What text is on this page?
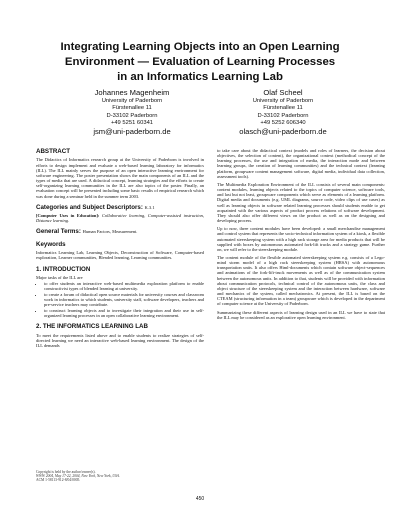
Integrating Learning Objects into an Open Learning
Environment — Evaluation of Learning Processes
in an Informatics Learning Lab
Johannes Magenheim
University of Paderborn
Fürstenallee 11
D-33102 Paderborn
+49 5251 60341
jsm@uni-paderborn.de
Olaf Scheel
University of Paderborn
Fürstenallee 11
D-33102 Paderborn
+49 5252 606340
olasch@uni-paderborn.de
ABSTRACT

The Didactics of Informatics research group at the University of Paderborn is involved in efforts to design implement and evaluate a web-based learning laboratory for informatics (ILL). The ILL mainly serves the purpose of an open interactive learning environment for software engineering. The poster presentation shows the main components of an ILL and the types of media that are used. A didactical concept, learning strategies and the efforts to create self-organizing learning communities in the ILL are also topics of the poster. Finally, an evaluation concept will be presented including some basic results of empirical research which was done during a seminar held in the summer term 2003.

Categories and Subject Descriptors: K.3.1

[Computer Uses in Education]: Collaborative learning, Computer-assisted instruction, Distance learning.

General Terms: Human Factors, Measurement.
Keywords

Informatics Learning Lab, Learning Objects, Deconstruction of Software, Computer-based exploration, Learner communities, Blended learning, Learning communities.

1. INTRODUCTION

Major tasks of the ILL are

• to offer students an interactive web-based multimedia exploration platform to enable constructivist types of blended learning at university.
• to create a forum of didactical open source materials for university courses and classroom work in informatics to which students, university staff, software developers, teachers and pre-service teachers may contribute.
• to construct learning objects and to investigate their integration and their use in self-organized learning processes in an open collaborative learning environment.
2. THE INFORMATICS LEARNING LAB

To meet the requirements listed above and to enable students to realize strategies of self-directed learning we need an interactive web-based learning environment. The design of the ILL demands

Copyright is held by the author/owner(s).
WWW 2004, May 17-22, 2004, New York, New York, USA.
ACM 1-58113-912-8/04/0005.

to take care about the didactical context (models and roles of learners, the decision about objectives, the selection of content), the organizational context (methodical concept of the learning processes, the use and integration of media, the interaction mode and between learning groups, the creation of learning communities) and the technical context (learning platform, groupware content management software, digital media, individual data collection, assessment tools).

The Multimedia Exploration Environment of the ILL consists of several main components: content modules, learning objects related to the topics of computer science, software tools, and last but not least, groupware components which serve as elements of a learning platform. Digital media and documents (e.g. UML diagrams, source code, video clips of use cases) as well as learning objects in software related learning processes should students enable to get acquainted with the various aspects of product process relations of software development. They should also offer different views on the product as well as on the designing and developing process.

Up to now, three content modules have been developed: a small merchandise management and control system that represents the socio-technical information system of a kiosk, a flexible automated steerskeeping system with a high rack storage area for media products that will be supplied with boxes by autonomous automated fork-lift trucks and a strategy game. Further on, we will refer to the steerskeeping module.

The content module of the flexible automated steerskeeping system e.g. consists of a Lego-mind storm model of a high rack steerskeeping system (HRSA) with autonomous transportation units. It also offers Html-documents which contain software object-sequences and animations of the fork-lift-truck movements as well as of the communication system between the autonomous units. In addition to that, students will be provided with information about communication protocols, technical control of the autonomous units, the class and object structure of the steerskeeping system and the interaction between hardware, software and mechanics of the system, called mechatronics. At present, the ILL is based on the CTEAM (structuring information in a team) groupware which is developed in the department of computer science at the University of Paderborn.

Summarizing these different aspects of learning design used in an ILL we have to state that the ILL may be considered as an explorative open learning environment.

450
